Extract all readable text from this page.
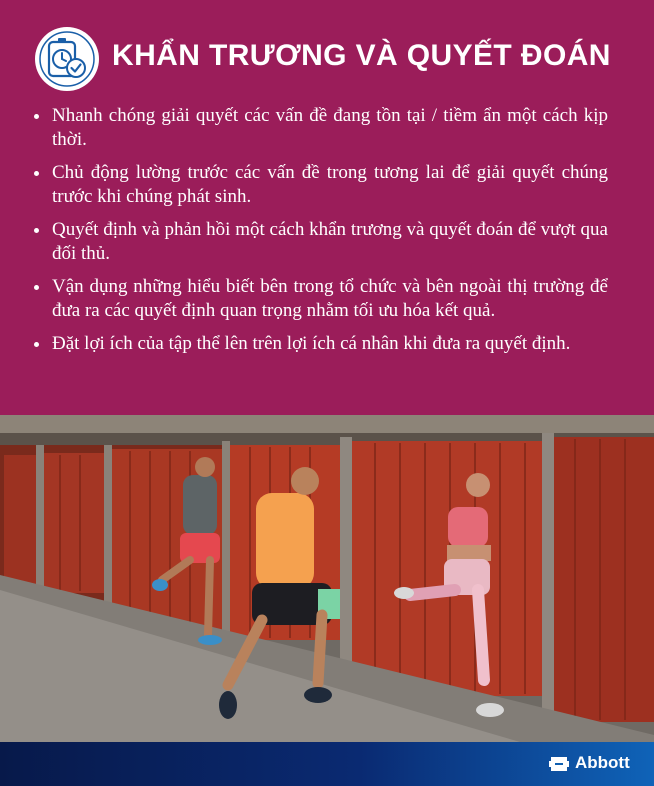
KHẨN TRƯƠNG VÀ QUYẾT ĐOÁN
Nhanh chóng giải quyết các vấn đề đang tồn tại / tiềm ẩn một cách kịp thời.
Chủ động lường trước các vấn đề trong tương lai để giải quyết chúng trước khi chúng phát sinh.
Quyết định và phản hồi một cách khẩn trương và quyết đoán để vượt qua đối thủ.
Vận dụng những hiểu biết bên trong tổ chức và bên ngoài thị trường để đưa ra các quyết định quan trọng nhằm tối ưu hóa kết quả.
Đặt lợi ích của tập thể lên trên lợi ích cá nhân khi đưa ra quyết định.
Abbott
